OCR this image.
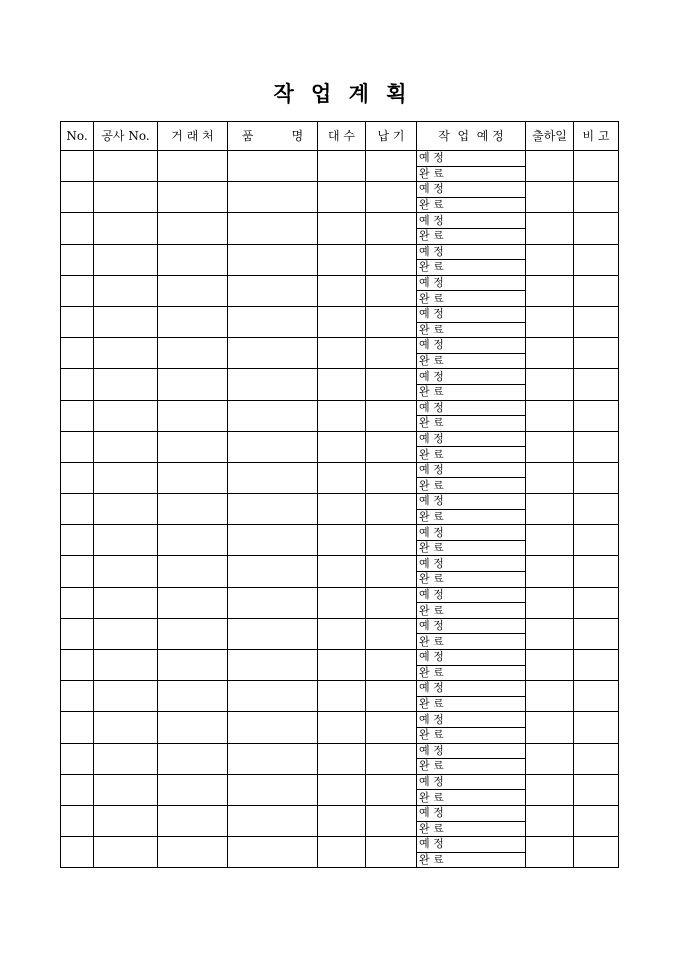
작 업 계 획
No.	공사 No.	거 래 처	품          명	대 수	납 기	작  업  예 정	출하일	비 고
						예 정		
						완 료		
						예 정		
						완 료		
						예 정		
						완 료		
						예 정		
						완 료		
						예 정		
						완 료		
						예 정		
						완 료		
						예 정		
						완 료		
						예 정		
						완 료		
						예 정		
						완 료		
						예 정		
						완 료		
						예 정		
						완 료		
						예 정		
						완 료		
						예 정		
						완 료		
						예 정		
						완 료		
						예 정		
						완 료		
						예 정		
						완 료		
						예 정		
						완 료		
						예 정		
						완 료		
						예 정		
						완 료		
						예 정		
						완 료		
						예 정		
						완 료		
						예 정		
						완 료		
						예 정		
						완 료		
